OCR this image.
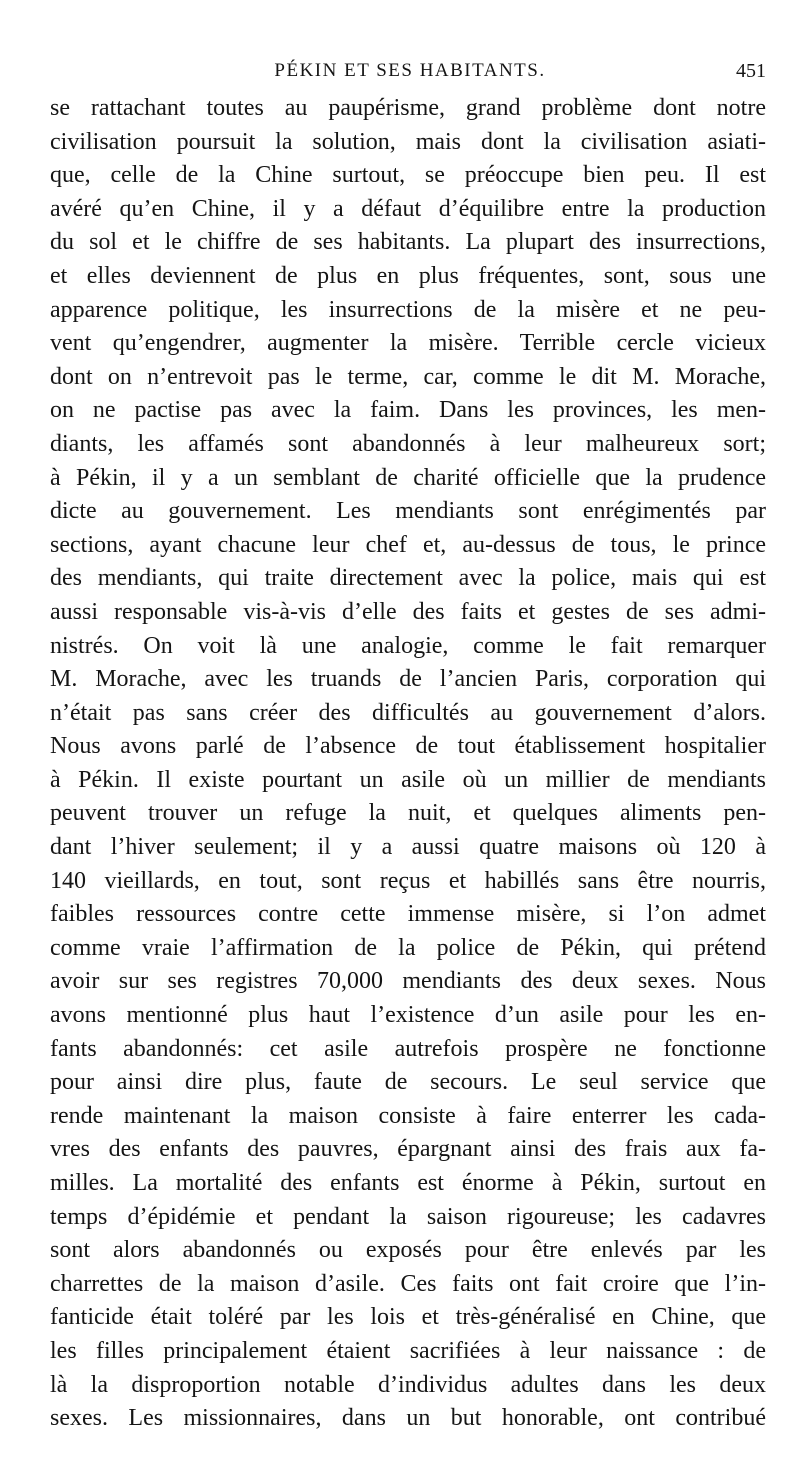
PÉKIN ET SES HABITANTS.	451
se rattachant toutes au paupérisme, grand problème dont notre
civilisation poursuit la solution, mais dont la civilisation asiati-
que, celle de la Chine surtout, se préoccupe bien peu. Il est
avéré qu’en Chine, il y a défaut d’équilibre entre la production
du sol et le chiffre de ses habitants. La plupart des insurrections,
et elles deviennent de plus en plus fréquentes, sont, sous une
apparence politique, les insurrections de la misère et ne peu-
vent qu’engendrer, augmenter la misère. Terrible cercle vicieux
dont on n’entrevoit pas le terme, car, comme le dit M. Morache,
on ne pactise pas avec la faim. Dans les provinces, les men-
diants, les affamés sont abandonnés à leur malheureux sort;
à Pékin, il y a un semblant de charité officielle que la prudence
dicte au gouvernement. Les mendiants sont enrégimentés par
sections, ayant chacune leur chef et, au-dessus de tous, le prince
des mendiants, qui traite directement avec la police, mais qui est
aussi responsable vis-à-vis d’elle des faits et gestes de ses admi-
nistrés. On voit là une analogie, comme le fait remarquer
M. Morache, avec les truands de l’ancien Paris, corporation qui
n’était pas sans créer des difficultés au gouvernement d’alors.
Nous avons parlé de l’absence de tout établissement hospitalier
à Pékin. Il existe pourtant un asile où un millier de mendiants
peuvent trouver un refuge la nuit, et quelques aliments pen-
dant l’hiver seulement; il y a aussi quatre maisons où 120 à
140 vieillards, en tout, sont reçus et habillés sans être nourris,
faibles ressources contre cette immense misère, si l’on admet
comme vraie l’affirmation de la police de Pékin, qui prétend
avoir sur ses registres 70,000 mendiants des deux sexes. Nous
avons mentionné plus haut l’existence d’un asile pour les en-
fants abandonnés: cet asile autrefois prospère ne fonctionne
pour ainsi dire plus, faute de secours. Le seul service que
rende maintenant la maison consiste à faire enterrer les cada-
vres des enfants des pauvres, épargnant ainsi des frais aux fa-
milles. La mortalité des enfants est énorme à Pékin, surtout en
temps d’épidémie et pendant la saison rigoureuse; les cadavres
sont alors abandonnés ou exposés pour être enlevés par les
charrettes de la maison d’asile. Ces faits ont fait croire que l’in-
fanticide était toléré par les lois et très-généralisé en Chine, que
les filles principalement étaient sacrifiées à leur naissance : de
là la disproportion notable d’individus adultes dans les deux
sexes. Les missionnaires, dans un but honorable, ont contribué
